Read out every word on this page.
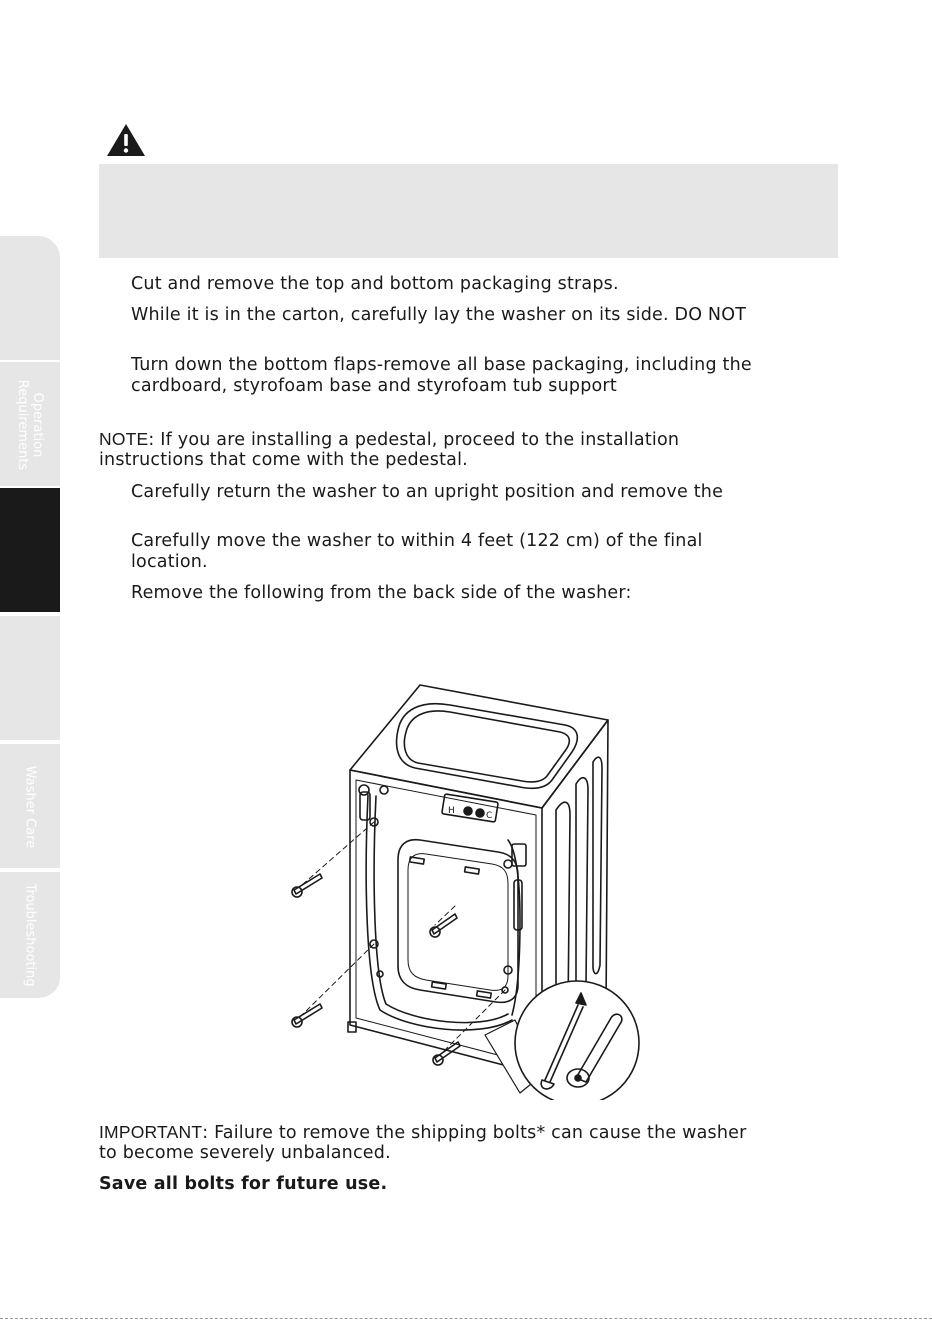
Operation
Requirements
Washer Care
Troubleshooting
Cut and remove the top and bottom packaging straps.
While it is in the carton, carefully lay the washer on its side. DO NOT
Turn down the bottom flaps-remove all base packaging, including the
cardboard, styrofoam base and styrofoam tub support
NOTE: If you are installing a pedestal, proceed to the installation
instructions that come with the pedestal.
Carefully return the washer to an upright position and remove the
Carefully move the washer to within 4 feet (122 cm) of the final
location.
Remove the following from the back side of the washer:
H	C
IMPORTANT: Failure to remove the shipping bolts* can cause the washer
to become severely unbalanced.
Save all bolts for future use.
